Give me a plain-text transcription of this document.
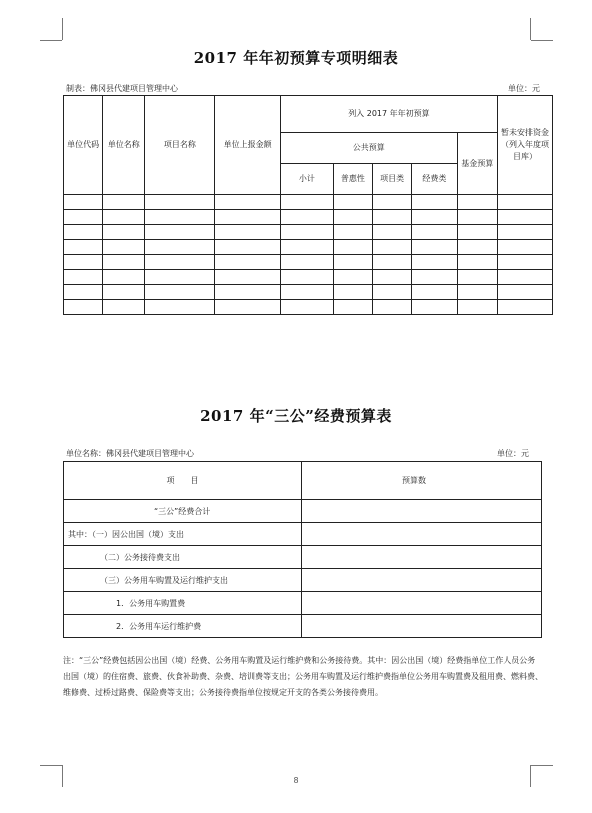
2017 年年初预算专项明细表
制表：佛冈县代建项目管理中心	单位：元
单位代码	单位名称	项目名称	单位上报金额	列入 2017 年年初预算					暂未安排资金（列入年度项目库）
				公共预算				基金预算	
				小计	普惠性	项目类	经费类		

2017 年“三公”经费预算表
单位名称：佛冈县代建项目管理中心	单位：元
项　　目	预算数
“三公”经费合计	
其中：（一）因公出国（境）支出	
（二）公务接待费支出	
（三）公务用车购置及运行维护支出	
1．公务用车购置费	
2．公务用车运行维护费	
注：“三公”经费包括因公出国（境）经费、公务用车购置及运行维护费和公务接待费。其中：因公出国（境）经费指单位工作人员公务出国（境）的住宿费、旅费、伙食补助费、杂费、培训费等支出；公务用车购置及运行维护费指单位公务用车购置费及租用费、燃料费、维修费、过桥过路费、保险费等支出；公务接待费指单位按规定开支的各类公务接待费用。
8
